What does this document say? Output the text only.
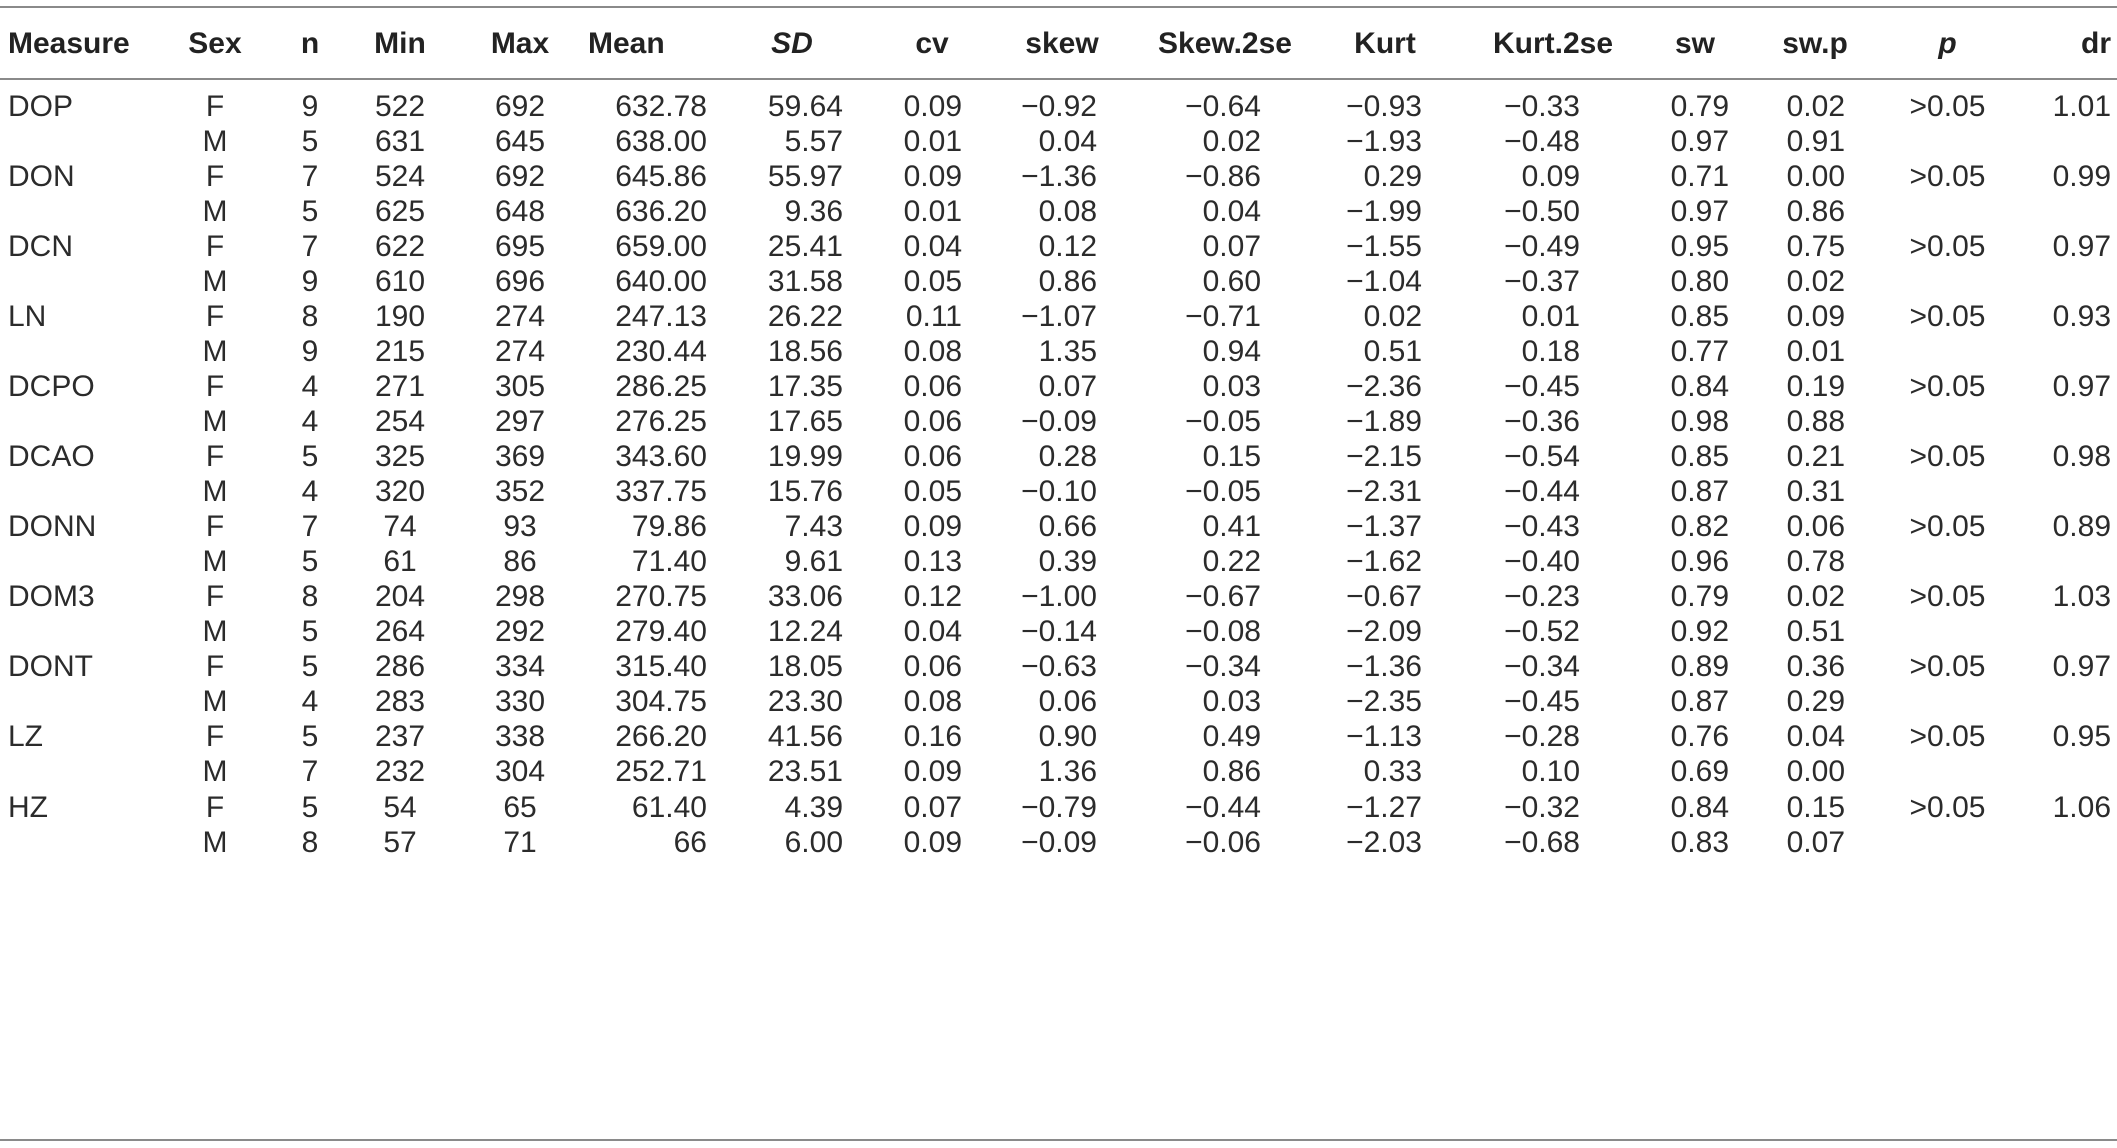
Measure	Sex	n	Min	Max	Mean	SD	cv	skew	Skew.2se	Kurt	Kurt.2se	sw	sw.p	p	dr
DOP	F	9	522	692	632.78	59.64	0.09	−0.92	−0.64	−0.93	−0.33	0.79	0.02	>0.05	1.01
M	5	631	645	638.00	5.57	0.01	0.04	0.02	−1.93	−0.48	0.97	0.91
DON	F	7	524	692	645.86	55.97	0.09	−1.36	−0.86	0.29	0.09	0.71	0.00	>0.05	0.99
M	5	625	648	636.20	9.36	0.01	0.08	0.04	−1.99	−0.50	0.97	0.86
DCN	F	7	622	695	659.00	25.41	0.04	0.12	0.07	−1.55	−0.49	0.95	0.75	>0.05	0.97
M	9	610	696	640.00	31.58	0.05	0.86	0.60	−1.04	−0.37	0.80	0.02
LN	F	8	190	274	247.13	26.22	0.11	−1.07	−0.71	0.02	0.01	0.85	0.09	>0.05	0.93
M	9	215	274	230.44	18.56	0.08	1.35	0.94	0.51	0.18	0.77	0.01
DCPO	F	4	271	305	286.25	17.35	0.06	0.07	0.03	−2.36	−0.45	0.84	0.19	>0.05	0.97
M	4	254	297	276.25	17.65	0.06	−0.09	−0.05	−1.89	−0.36	0.98	0.88
DCAO	F	5	325	369	343.60	19.99	0.06	0.28	0.15	−2.15	−0.54	0.85	0.21	>0.05	0.98
M	4	320	352	337.75	15.76	0.05	−0.10	−0.05	−2.31	−0.44	0.87	0.31
DONN	F	7	74	93	79.86	7.43	0.09	0.66	0.41	−1.37	−0.43	0.82	0.06	>0.05	0.89
M	5	61	86	71.40	9.61	0.13	0.39	0.22	−1.62	−0.40	0.96	0.78
DOM3	F	8	204	298	270.75	33.06	0.12	−1.00	−0.67	−0.67	−0.23	0.79	0.02	>0.05	1.03
M	5	264	292	279.40	12.24	0.04	−0.14	−0.08	−2.09	−0.52	0.92	0.51
DONT	F	5	286	334	315.40	18.05	0.06	−0.63	−0.34	−1.36	−0.34	0.89	0.36	>0.05	0.97
M	4	283	330	304.75	23.30	0.08	0.06	0.03	−2.35	−0.45	0.87	0.29
LZ	F	5	237	338	266.20	41.56	0.16	0.90	0.49	−1.13	−0.28	0.76	0.04	>0.05	0.95
M	7	232	304	252.71	23.51	0.09	1.36	0.86	0.33	0.10	0.69	0.00
HZ	F	5	54	65	61.40	4.39	0.07	−0.79	−0.44	−1.27	−0.32	0.84	0.15	>0.05	1.06
M	8	57	71	66	6.00	0.09	−0.09	−0.06	−2.03	−0.68	0.83	0.07
